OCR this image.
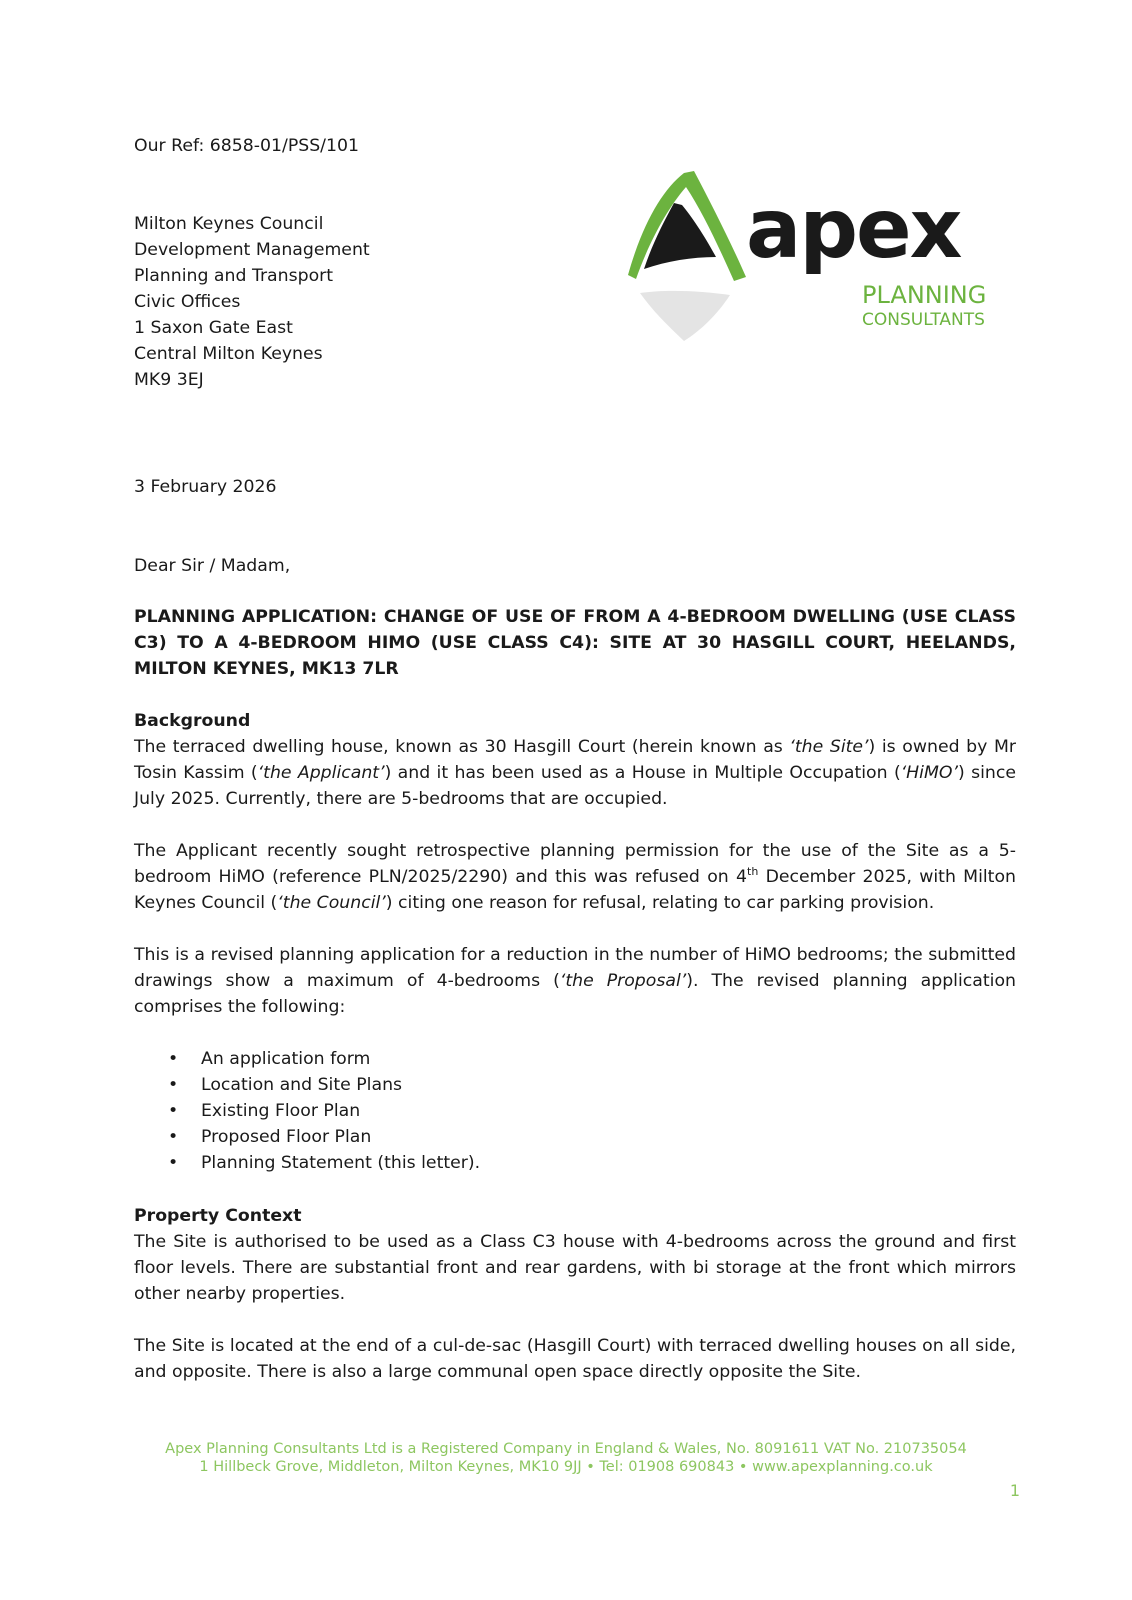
apex
PLANNING
CONSULTANTS
Our Ref: 6858-01/PSS/101
Milton Keynes Council
Development Management
Planning and Transport
Civic Offices
1 Saxon Gate East
Central Milton Keynes
MK9 3EJ
3 February 2026
Dear Sir / Madam,
PLANNING APPLICATION: CHANGE OF USE OF FROM A 4-BEDROOM DWELLING (USE CLASS C3) TO A 4-BEDROOM HIMO (USE CLASS C4): SITE AT 30 HASGILL COURT, HEELANDS, MILTON KEYNES, MK13 7LR
Background
The terraced dwelling house, known as 30 Hasgill Court (herein known as ‘the Site’) is owned by Mr Tosin Kassim (‘the Applicant’) and it has been used as a House in Multiple Occupation (‘HiMO’) since July 2025. Currently, there are 5-bedrooms that are occupied.
The Applicant recently sought retrospective planning permission for the use of the Site as a 5-bedroom HiMO (reference PLN/2025/2290) and this was refused on 4th December 2025, with Milton Keynes Council (‘the Council’) citing one reason for refusal, relating to car parking provision.
This is a revised planning application for a reduction in the number of HiMO bedrooms; the submitted drawings show a maximum of 4-bedrooms (‘the Proposal’). The revised planning application comprises the following:
• An application form
• Location and Site Plans
• Existing Floor Plan
• Proposed Floor Plan
• Planning Statement (this letter).
Property Context
The Site is authorised to be used as a Class C3 house with 4-bedrooms across the ground and first floor levels. There are substantial front and rear gardens, with bi storage at the front which mirrors other nearby properties.
The Site is located at the end of a cul-de-sac (Hasgill Court) with terraced dwelling houses on all side, and opposite. There is also a large communal open space directly opposite the Site.
Apex Planning Consultants Ltd is a Registered Company in England & Wales, No. 8091611 VAT No. 210735054
1 Hillbeck Grove, Middleton, Milton Keynes, MK10 9JJ • Tel: 01908 690843 • www.apexplanning.co.uk
1
